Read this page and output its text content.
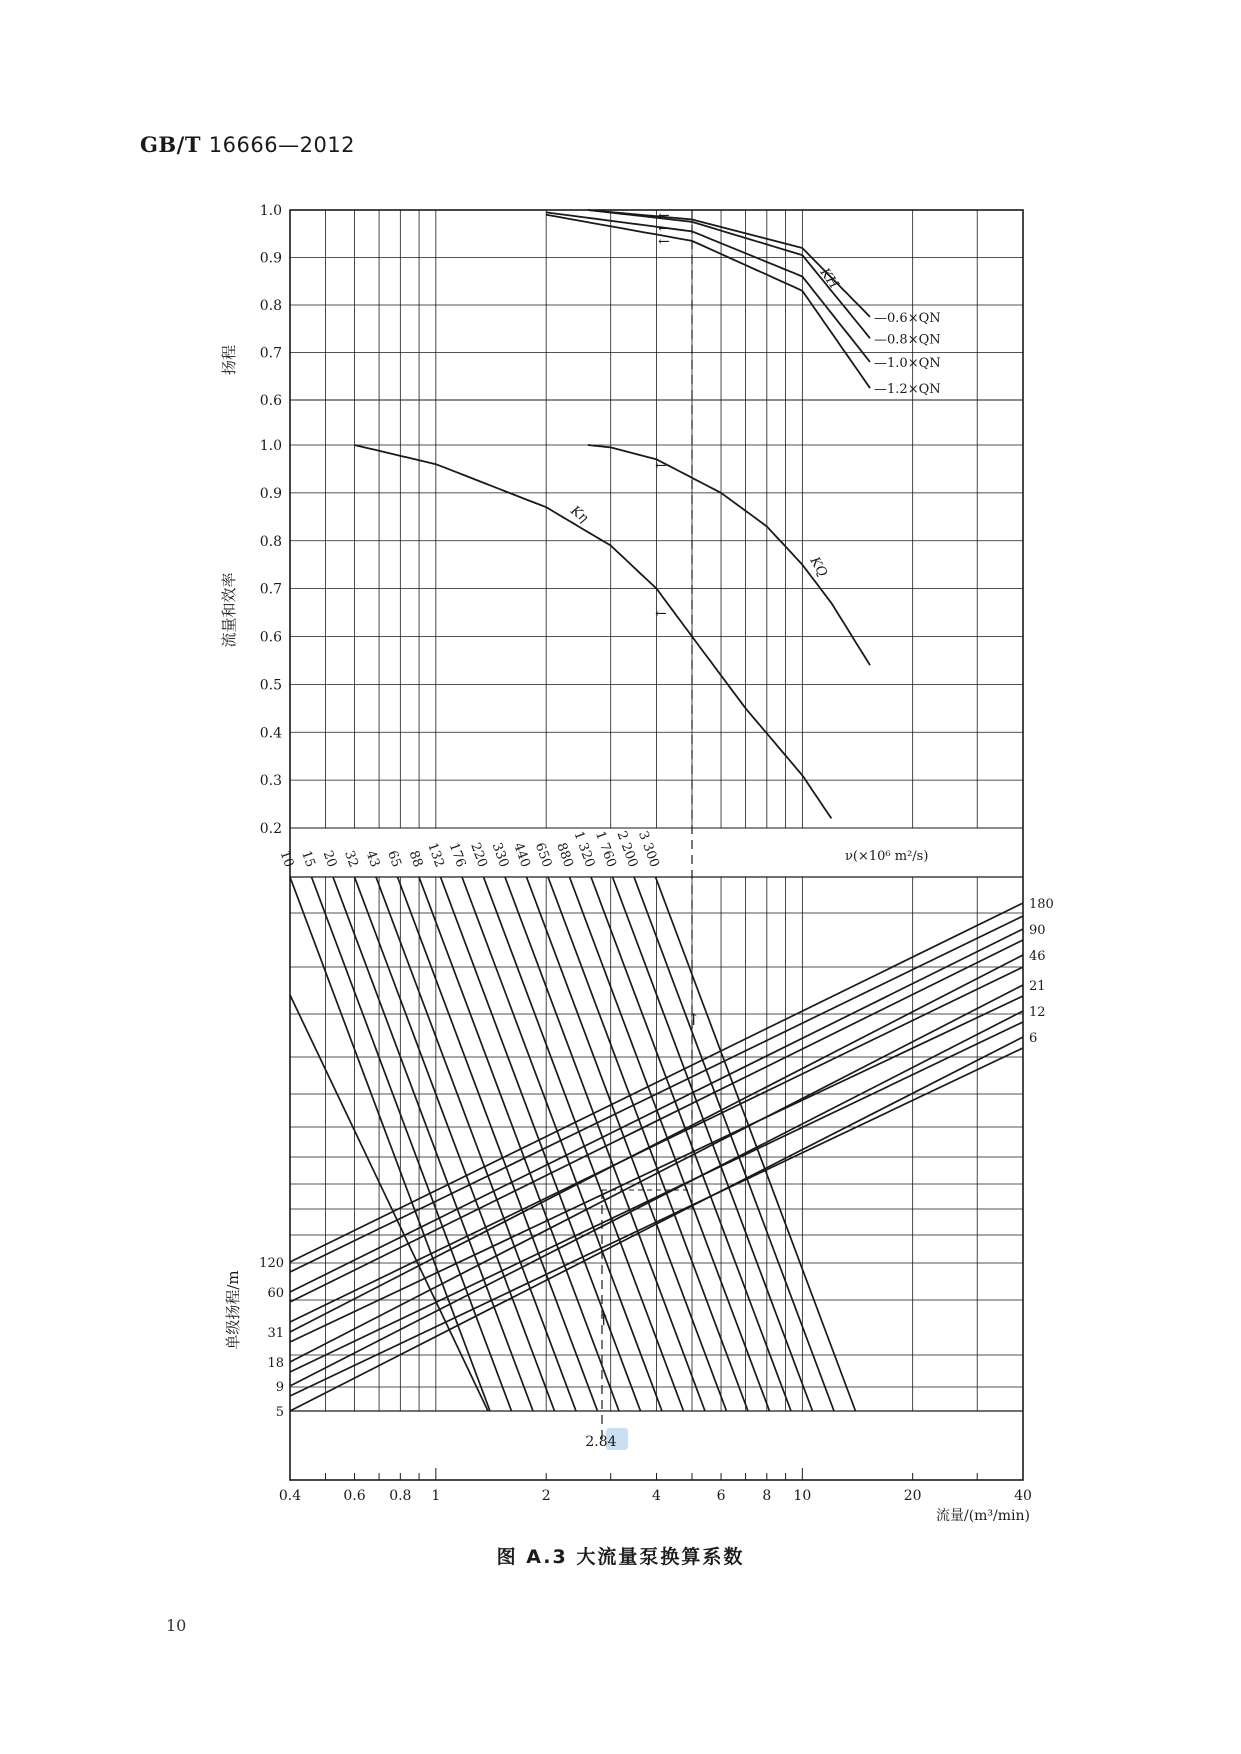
GB/T 16666—2012
1.0
0.9
0.8
0.7
0.6
1.0
0.9
0.8
0.7
0.6
0.5
0.4
0.3
0.2
扬程
流量和效率
单级扬程/m
—0.6×QN
—0.8×QN
—1.0×QN
—1.2×QN
KH
←
←
←
Kη
KQ
←
←
↑
↑
10 15 20 32 43 65 88
132
176
220
330
440
650
880
1 320
1 760
2 200
3 300	ν(×10⁶ m²/s)
120
180
60
90
31
46
18
21
9
12
5
6
0.4	0.6 0.8 1	2	4	6	8 10	20	40
流量/(m³/min)
2.84
图 A.3 大流量泵换算系数
10
